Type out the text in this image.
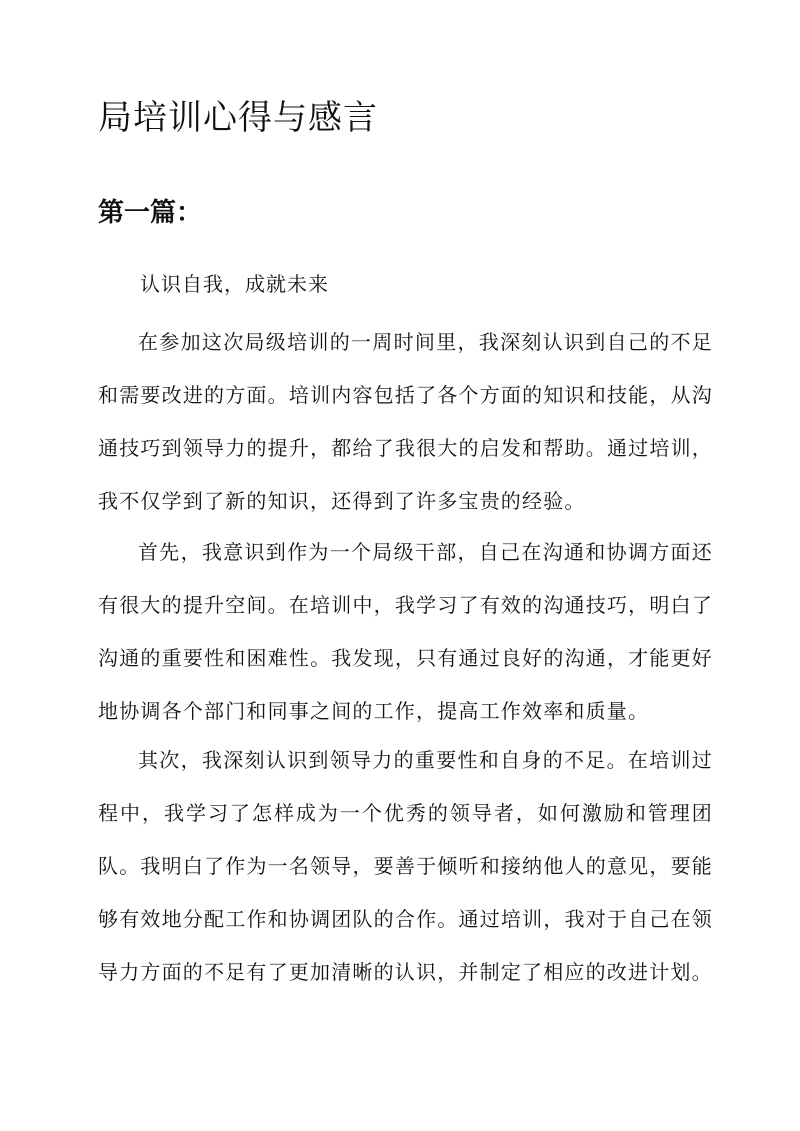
局培训心得与感言
第一篇：

认识自我，成就未来

在参加这次局级培训的一周时间里，我深刻认识到自己的不足和需要改进的方面。培训内容包括了各个方面的知识和技能，从沟通技巧到领导力的提升，都给了我很大的启发和帮助。通过培训，我不仅学到了新的知识，还得到了许多宝贵的经验。

首先，我意识到作为一个局级干部，自己在沟通和协调方面还有很大的提升空间。在培训中，我学习了有效的沟通技巧，明白了沟通的重要性和困难性。我发现，只有通过良好的沟通，才能更好地协调各个部门和同事之间的工作，提高工作效率和质量。

其次，我深刻认识到领导力的重要性和自身的不足。在培训过程中，我学习了怎样成为一个优秀的领导者，如何激励和管理团队。我明白了作为一名领导，要善于倾听和接纳他人的意见，要能够有效地分配工作和协调团队的合作。通过培训，我对于自己在领导力方面的不足有了更加清晰的认识，并制定了相应的改进计划。
